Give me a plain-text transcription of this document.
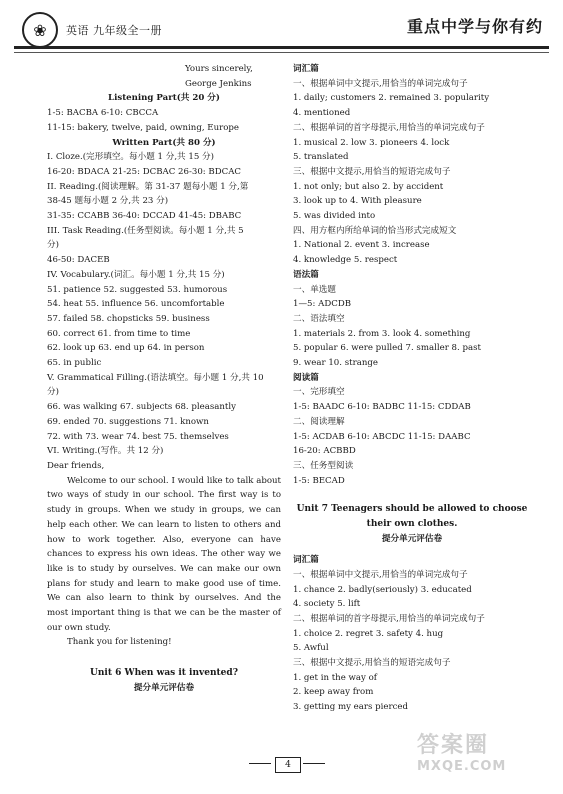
❀	英语 九年级全一册	重点中学与你有约
Yours sincerely,
George Jenkins
Listening Part(共 20 分)
1-5: BACBA 6-10: CBCCA
11-15: bakery, twelve, paid, owning, Europe
Written Part(共 80 分)
I. Cloze.(完形填空。每小题 1 分,共 15 分)
16-20: BDACA 21-25: DCBAC 26-30: BDCAC
II. Reading.(阅读理解。第 31-37 题每小题 1 分,第
38-45 题每小题 2 分,共 23 分)
31-35: CCABB 36-40: DCCAD 41-45: DBABC
III. Task Reading.(任务型阅读。每小题 1 分,共 5
分)
46-50: DACEB
IV. Vocabulary.(词汇。每小题 1 分,共 15 分)
51. patience 52. suggested 53. humorous
54. heat 55. influence 56. uncomfortable
57. failed 58. chopsticks 59. business
60. correct 61. from time to time
62. look up 63. end up 64. in person
65. in public
V. Grammatical Filling.(语法填空。每小题 1 分,共 10
分)
66. was walking 67. subjects 68. pleasantly
69. ended 70. suggestions 71. known
72. with 73. wear 74. best 75. themselves
VI. Writing.(写作。共 12 分)
Dear friends,
Welcome to our school. I would like to talk about two ways of study in our school. The first way is to study in groups. When we study in groups, we can help each other. We can learn to listen to others and how to work together. Also, everyone can have chances to express his own ideas. The other way we like is to study by ourselves. We can make our own plans for study and learn to make good use of time. We can also learn to think by ourselves. And the most important thing is that we can be the master of our own study.
Thank you for listening!
Unit 6 When was it invented?
提分单元评估卷
词汇篇
一、根据单词中文提示,用恰当的单词完成句子
1. daily; customers 2. remained 3. popularity
4. mentioned
二、根据单词的首字母提示,用恰当的单词完成句子
1. musical 2. low 3. pioneers 4. lock
5. translated
三、根据中文提示,用恰当的短语完成句子
1. not only; but also 2. by accident
3. look up to 4. With pleasure
5. was divided into
四、用方框内所给单词的恰当形式完成短文
1. National 2. event 3. increase
4. knowledge 5. respect
语法篇
一、单选题
1—5: ADCDB
二、语法填空
1. materials 2. from 3. look 4. something
5. popular 6. were pulled 7. smaller 8. past
9. wear 10. strange
阅读篇
一、完形填空
1-5: BAADC 6-10: BADBC 11-15: CDDAB
二、阅读理解
1-5: ACDAB 6-10: ABCDC 11-15: DAABC
16-20: ACBBD
三、任务型阅读
1-5: BECAD
Unit 7 Teenagers should be allowed to choose
their own clothes.
提分单元评估卷
词汇篇
一、根据单词中文提示,用恰当的单词完成句子
1. chance 2. badly(seriously) 3. educated
4. society 5. lift
二、根据单词的首字母提示,用恰当的单词完成句子
1. choice 2. regret 3. safety 4. hug
5. Awful
三、根据中文提示,用恰当的短语完成句子
1. get in the way of
2. keep away from
3. getting my ears pierced
4
答案圈
MXQE.COM
